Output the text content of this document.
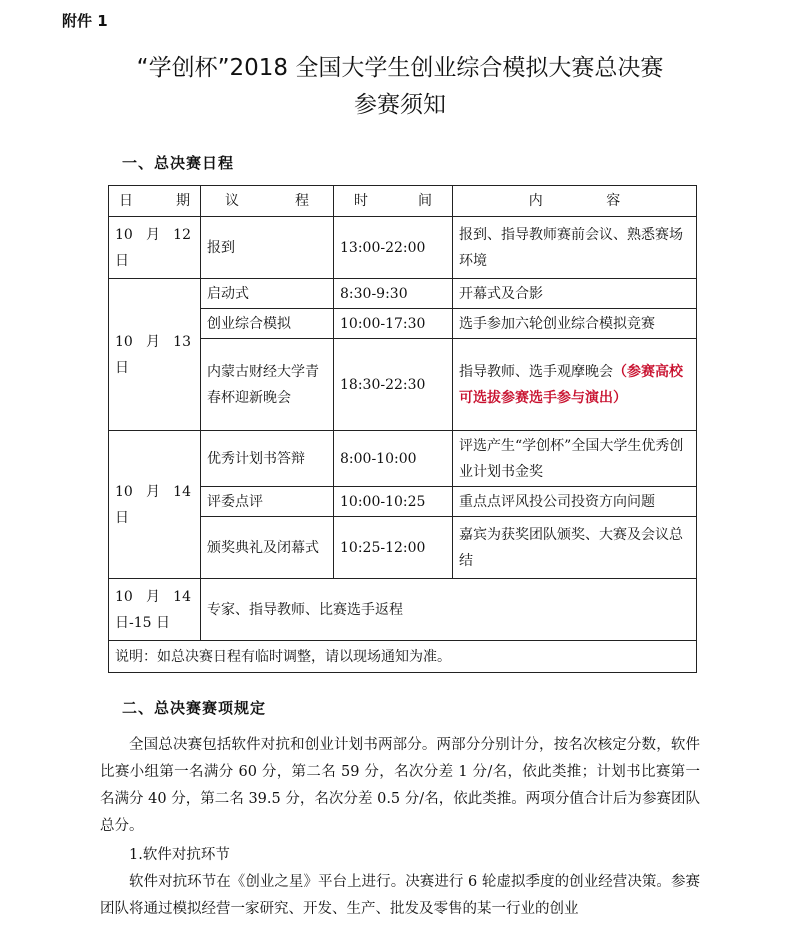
附件 1
“学创杯”2018 全国大学生创业综合模拟大赛总决赛
参赛须知
一、总决赛日程
日 期	议 程	时 间	内 容

10 月 12
日	报到	13:00-22:00	报到、指导教师赛前会议、熟悉赛场环境

10 月 13
日	启动式	8:30-9:30	开幕式及合影
	创业综合模拟	10:00-17:30	选手参加六轮创业综合模拟竞赛
	内蒙古财经大学青春杯迎新晚会	18:30-22:30	指导教师、选手观摩晚会（参赛高校可选拔参赛选手参与演出）

10 月 14
日	优秀计划书答辩	8:00-10:00	评选产生“学创杯”全国大学生优秀创业计划书金奖
	评委点评	10:00-10:25	重点点评风投公司投资方向问题
	颁奖典礼及闭幕式	10:25-12:00	嘉宾为获奖团队颁奖、大赛及会议总结

10 月 14
日-15 日	专家、指导教师、比赛选手返程		
说明：如总决赛日程有临时调整，请以现场通知为准。			
二、总决赛赛项规定
全国总决赛包括软件对抗和创业计划书两部分。两部分分别计分，按名次核定分数，软件比赛小组第一名满分 60 分，第二名 59 分，名次分差 1 分/名，依此类推；计划书比赛第一名满分 40 分，第二名 39.5 分，名次分差 0.5 分/名，依此类推。两项分值合计后为参赛团队总分。
1.软件对抗环节
软件对抗环节在《创业之星》平台上进行。决赛进行 6 轮虚拟季度的创业经营决策。参赛团队将通过模拟经营一家研究、开发、生产、批发及零售的某一行业的创业
